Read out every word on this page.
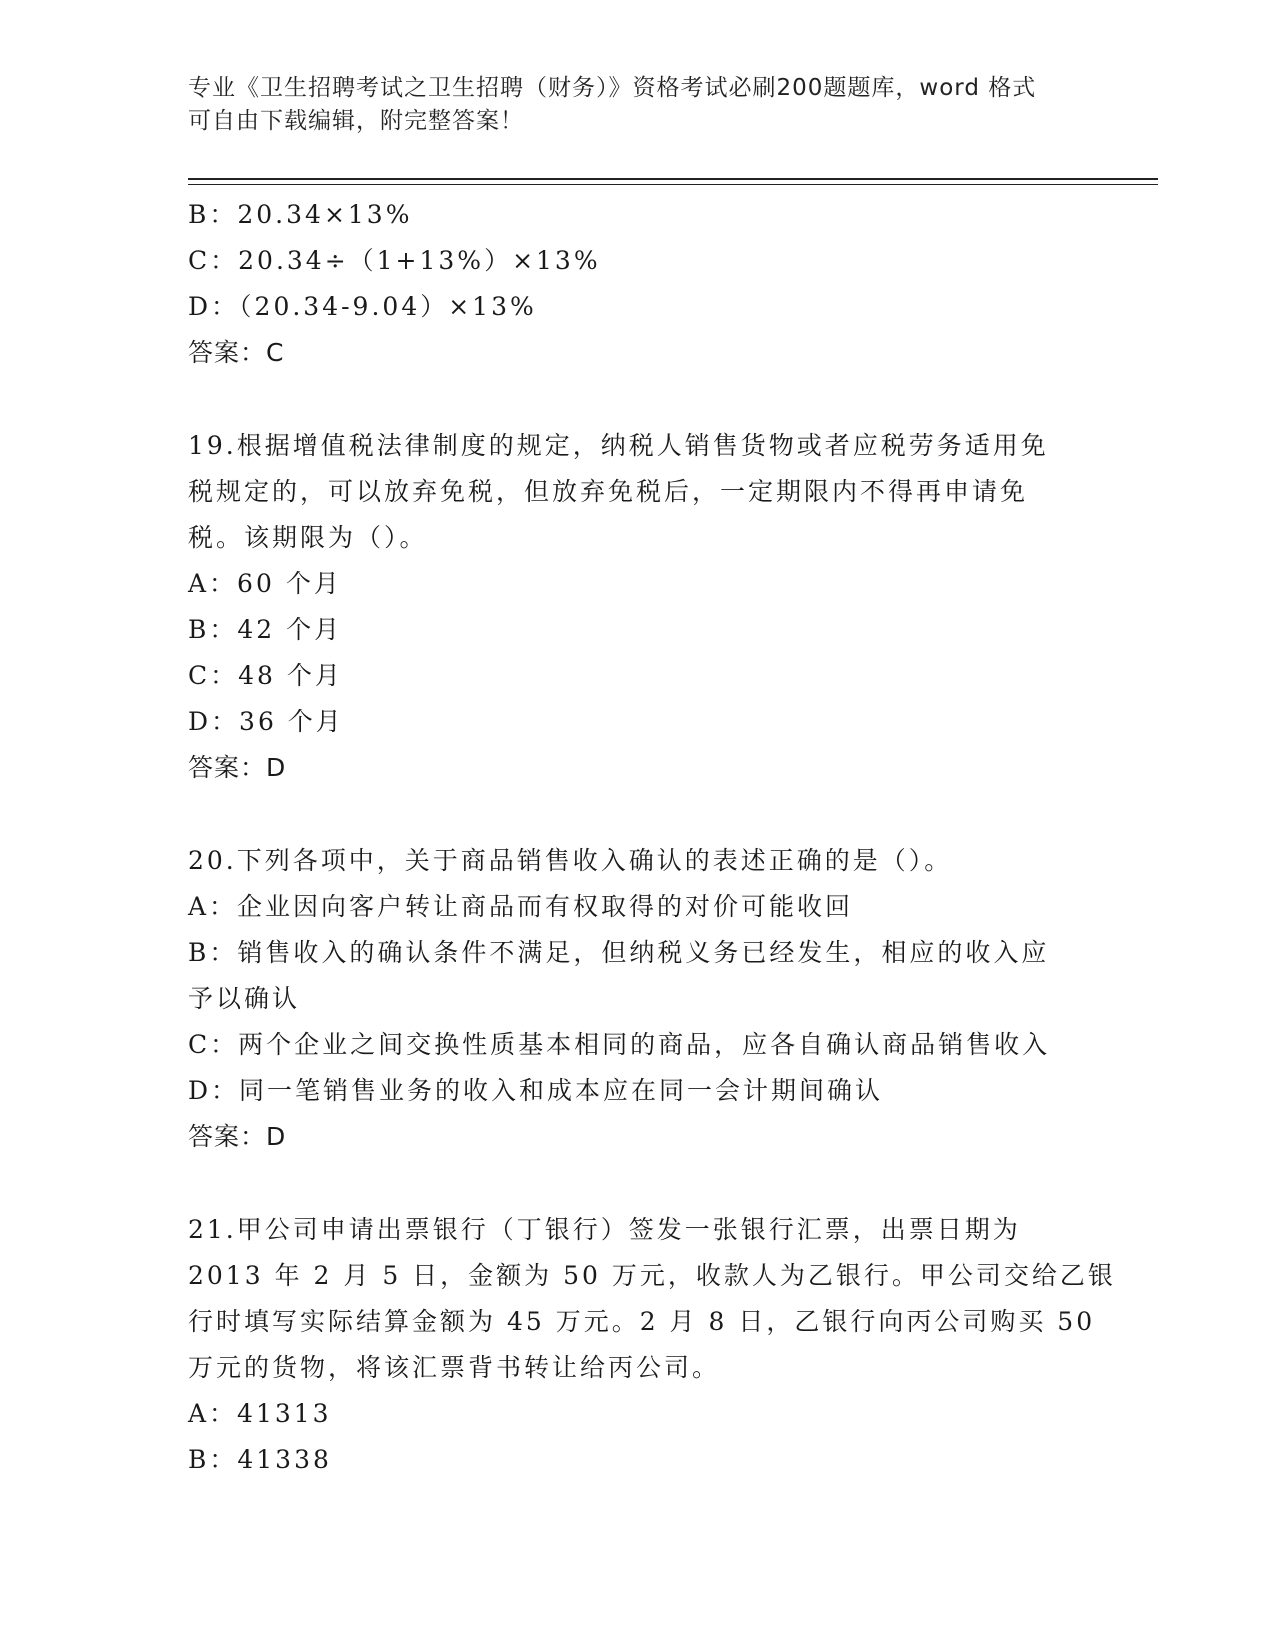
专业《卫生招聘考试之卫生招聘（财务）》资格考试必刷200题题库，word 格式
可自由下载编辑，附完整答案！
B：20.34×13%
C：20.34÷（1+13%）×13%
D：（20.34-9.04）×13%
答案：C
19.根据增值税法律制度的规定，纳税人销售货物或者应税劳务适用免
税规定的，可以放弃免税，但放弃免税后，一定期限内不得再申请免
税。该期限为（）。
A：60 个月
B：42 个月
C：48 个月
D：36 个月
答案：D
20.下列各项中，关于商品销售收入确认的表述正确的是（）。
A：企业因向客户转让商品而有权取得的对价可能收回
B：销售收入的确认条件不满足，但纳税义务已经发生，相应的收入应
予以确认
C：两个企业之间交换性质基本相同的商品，应各自确认商品销售收入
D：同一笔销售业务的收入和成本应在同一会计期间确认
答案：D
21.甲公司申请出票银行（丁银行）签发一张银行汇票，出票日期为
2013 年 2 月 5 日，金额为 50 万元，收款人为乙银行。甲公司交给乙银
行时填写实际结算金额为 45 万元。2 月 8 日，乙银行向丙公司购买 50
万元的货物，将该汇票背书转让给丙公司。
A：41313
B：41338
